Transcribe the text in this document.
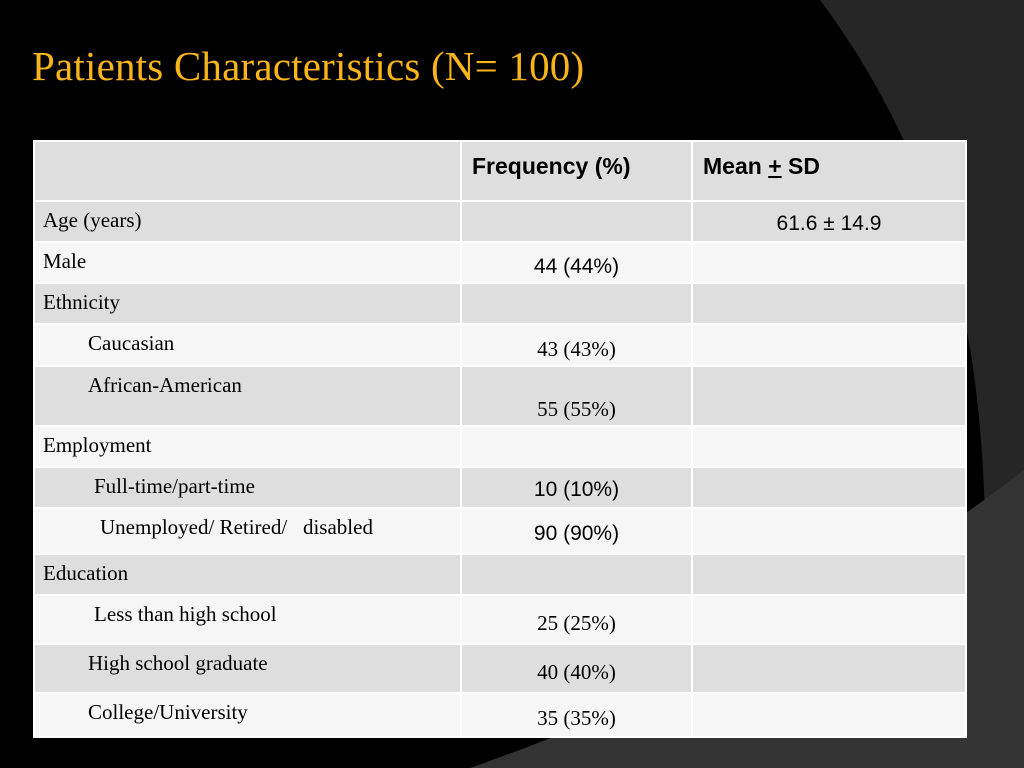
Patients Characteristics (N= 100)

	Frequency (%)	Mean + SD

Age (years)		61.6 ± 14.9

Male	44 (44%)	

Ethnicity		

Caucasian	43 (43%)	

African-American	55 (55%)	

Employment		

Full-time/part-time	10 (10%)	

Unemployed/ Retired/   disabled	90 (90%)	

Education		

Less than high school	25 (25%)	

High school graduate	40 (40%)	

College/University	35 (35%)	
